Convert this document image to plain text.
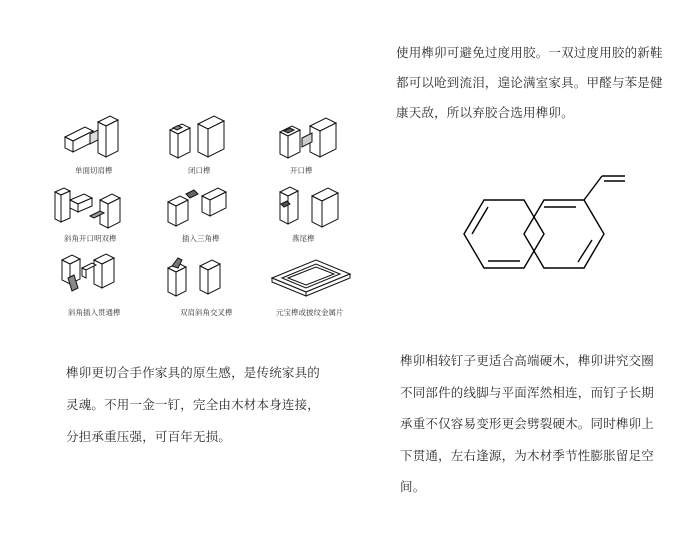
使用榫卯可避免过度用胶。一双过度用胶的新鞋
都可以呛到流泪，遑论满室家具。甲醛与苯是健
康天敌，所以弃胶合选用榫卯。
单面切肩榫	闭口榫	开口榫
斜角开口明双榫	插入三角榫	燕尾榫
斜角插入贯通榫	双肩斜角交叉榫	元宝榫或披纹金属片
榫卯更切合手作家具的原生感，是传统家具的
灵魂。不用一金一钉，完全由木材本身连接，
分担承重压强，可百年无损。
榫卯相较钉子更适合高端硬木，榫卯讲究交圈
不同部件的线脚与平面浑然相连，而钉子长期
承重不仅容易变形更会劈裂硬木。同时榫卯上
下贯通，左右逢源，为木材季节性膨胀留足空
间。
